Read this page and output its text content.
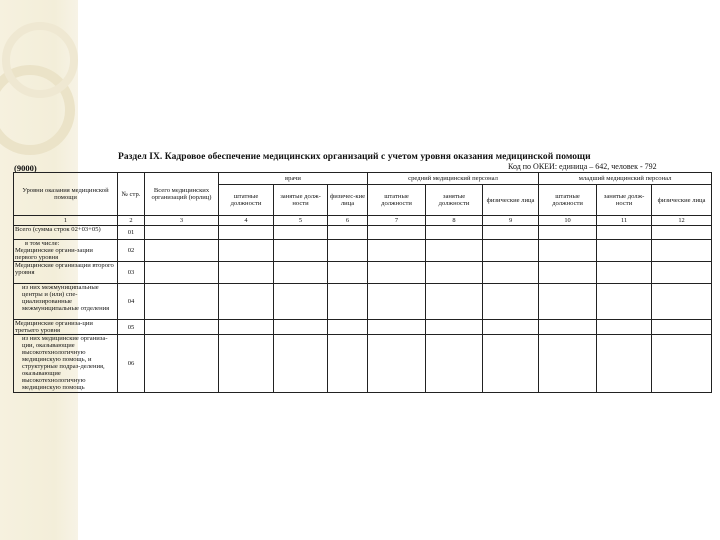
Раздел IX. Кадровое обеспечение медицинских организаций с учетом уровня оказания медицинской помощи
(9000)	Код по ОКЕИ: единица – 642, человек - 792
Уровни оказания медицинской помощи	№ стр.	Всего медицинских организаций (юрлиц)	врачи			средний медицинский персонал			младший медицинский персонал		
			штатные должности	занятые долж-ности	физичес-кие лица	штатные должности	занятые должности	физические лица	штатные должности	занятые долж-ности	физические лица
1	2	3	4	5	6	7	8	9	10	11	12
Всего (сумма строк 02+03+05)	01										

в том числе:
Медицинские органи-зации первого уровня	02										
Медицинские организации второго уровня	03										
из них межмуниципальные центры и (или) спе-циализированные межмуниципальные отделения	04										
Медицинские организа-ции третьего уровня	05										
из них медицинские организа-ции, оказывающие высокотехнологичную медицинскую помощь, и структурные подраз-деления, оказывающие высокотехнологичную медицинскую помощь	06										
